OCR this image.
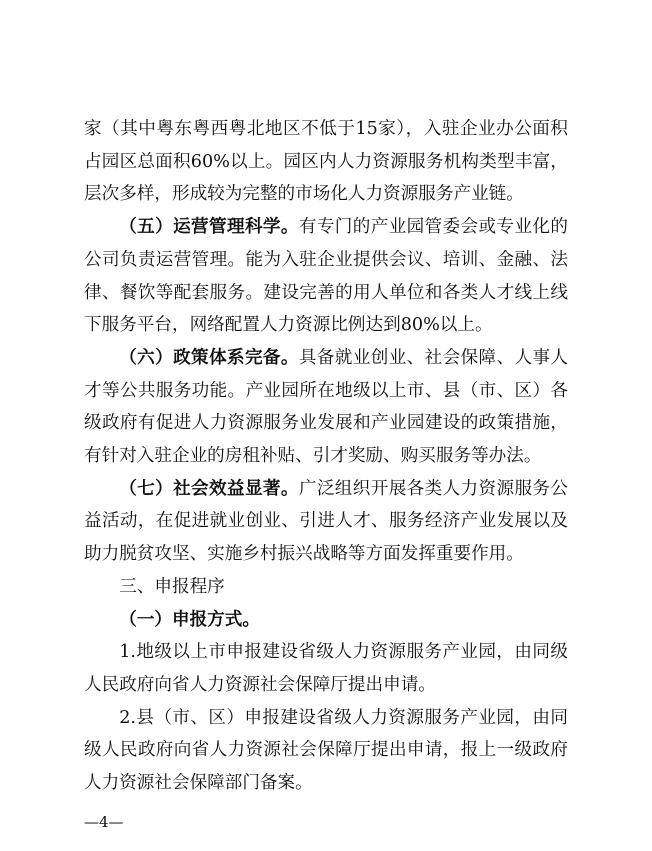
家（其中粤东粤西粤北地区不低于15家），入驻企业办公面积占园区总面积60%以上。园区内人力资源服务机构类型丰富，层次多样，形成较为完整的市场化人力资源服务产业链。

（五）运营管理科学。有专门的产业园管委会或专业化的公司负责运营管理。能为入驻企业提供会议、培训、金融、法律、餐饮等配套服务。建设完善的用人单位和各类人才线上线下服务平台，网络配置人力资源比例达到80%以上。

（六）政策体系完备。具备就业创业、社会保障、人事人才等公共服务功能。产业园所在地级以上市、县（市、区）各级政府有促进人力资源服务业发展和产业园建设的政策措施，有针对入驻企业的房租补贴、引才奖励、购买服务等办法。

（七）社会效益显著。广泛组织开展各类人力资源服务公益活动，在促进就业创业、引进人才、服务经济产业发展以及助力脱贫攻坚、实施乡村振兴战略等方面发挥重要作用。

三、申报程序

（一）申报方式。

1.地级以上市申报建设省级人力资源服务产业园，由同级人民政府向省人力资源社会保障厅提出申请。

2.县（市、区）申报建设省级人力资源服务产业园，由同级人民政府向省人力资源社会保障厅提出申请，报上一级政府人力资源社会保障部门备案。

—4—
